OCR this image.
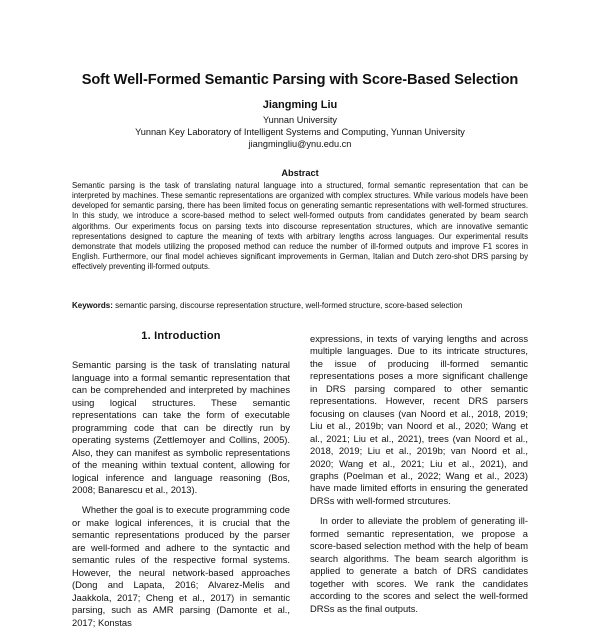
Soft Well-Formed Semantic Parsing with Score-Based Selection
Jiangming Liu
Yunnan University
Yunnan Key Laboratory of Intelligent Systems and Computing, Yunnan University
jiangmingliu@ynu.edu.cn
Abstract
Semantic parsing is the task of translating natural language into a structured, formal semantic representation that can be interpreted by machines. These semantic representations are organized with complex structures. While various models have been developed for semantic parsing, there has been limited focus on generating semantic representations with well-formed structures. In this study, we introduce a score-based method to select well-formed outputs from candidates generated by beam search algorithms. Our experiments focus on parsing texts into discourse representation structures, which are innovative semantic representations designed to capture the meaning of texts with arbitrary lengths across languages. Our experimental results demonstrate that models utilizing the proposed method can reduce the number of ill-formed outputs and improve F1 scores in English. Furthermore, our final model achieves significant improvements in German, Italian and Dutch zero-shot DRS parsing by effectively preventing ill-formed outputs.
Keywords: semantic parsing, discourse representation structure, well-formed structure, score-based selection
1. Introduction

Semantic parsing is the task of translating natural language into a formal semantic representation that can be comprehended and interpreted by machines using logical structures. These semantic representations can take the form of executable programming code that can be directly run by operating systems (Zettlemoyer and Collins, 2005). Also, they can manifest as symbolic representations of the meaning within textual content, allowing for logical inference and language reasoning (Bos, 2008; Banarescu et al., 2013).

Whether the goal is to execute programming code or make logical inferences, it is crucial that the semantic representations produced by the parser are well-formed and adhere to the syntactic and semantic rules of the respective formal systems. However, the neural network-based approaches (Dong and Lapata, 2016; Alvarez-Melis and Jaakkola, 2017; Cheng et al., 2017) in semantic parsing, such as AMR parsing (Damonte et al., 2017; Konstas

expressions, in texts of varying lengths and across multiple languages. Due to its intricate structures, the issue of producing ill-formed semantic representations poses a more significant challenge in DRS parsing compared to other semantic representations. However, recent DRS parsers focusing on clauses (van Noord et al., 2018, 2019; Liu et al., 2019b; van Noord et al., 2020; Wang et al., 2021; Liu et al., 2021), trees (van Noord et al., 2018, 2019; Liu et al., 2019b; van Noord et al., 2020; Wang et al., 2021; Liu et al., 2021), and graphs (Poelman et al., 2022; Wang et al., 2023) have made limited efforts in ensuring the generated DRSs with well-formed strcutures.

In order to alleviate the problem of generating ill-formed semantic representation, we propose a score-based selection method with the help of beam search algorithms. The beam search algorithm is applied to generate a batch of DRS candidates together with scores. We rank the candidates according to the scores and select the well-formed DRSs as the final outputs.
